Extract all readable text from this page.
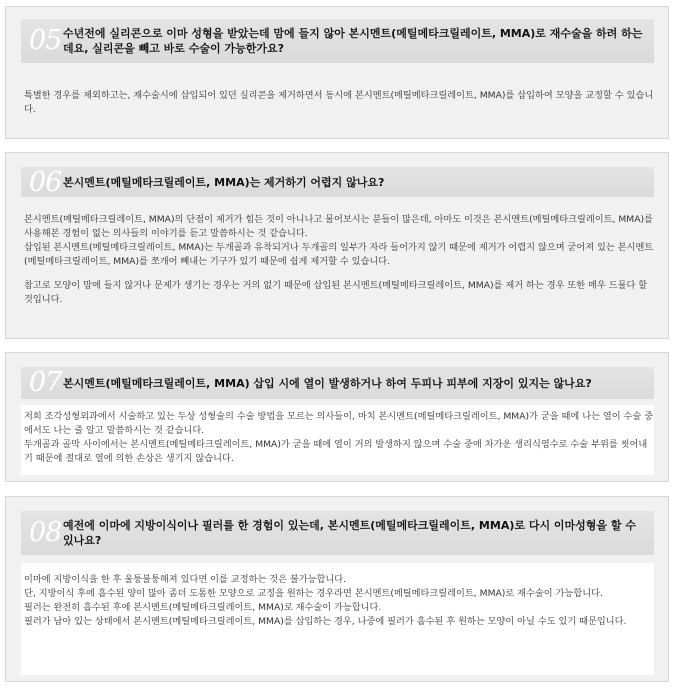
05 수년전에 실리콘으로 이마 성형을 받았는데 맘에 들지 않아 본시멘트(메틸메타크릴레이트, MMA)로 재수술을 하려 하는데요, 실리콘을 빼고 바로 수술이 가능한가요?

특별한 경우를 제외하고는, 재수술시에 삽입되어 있던 실리콘을 제거하면서 동시에 본시멘트(메틸메타크릴레이트, MMA)를 삽입하여 모양을 교정할 수 있습니다.

06 본시멘트(메틸메타크릴레이트, MMA)는 제거하기 어렵지 않나요?

본시멘트(메틸메타크릴레이트, MMA)의 단점이 제거가 힘든 것이 아니나고 물어보시는 분들이 많은데, 아마도 이것은 본시멘트(메틸메타크릴레이트, MMA)를 사용해본 경험이 없는 의사들의 이야기를 듣고 말씀하시는 것 같습니다.

삽입된 본시멘트(메틸메타크릴레이트, MMA)는 두개골과 유착되거나 두개골의 일부가 자라 들어가지 않기 때문에 제거가 어렵지 않으며 굳어져 있는 본시멘트(메틸메타크릴레이트, MMA)를 쪼개어 빼내는 기구가 있기 때문에 쉽게 제거할 수 있습니다.

참고로 모양이 맘에 들지 않거나 문제가 생기는 경우는 거의 없기 때문에 삽입된 본시멘트(메틸메타크릴레이트, MMA)를 제거 하는 경우 또한 매우 드물다 할 것입니다.

07 본시멘트(메틸메타크릴레이트, MMA) 삽입 시에 열이 발생하거나 하여 두피나 피부에 지장이 있지는 않나요?

저희 조각성형외과에서 시술하고 있는 두상 성형술의 수술 방법을 모르는 의사들이, 마치 본시멘트(메틸메타크릴레이트, MMA)가 굳을 때에 나는 열이 수술 중에서도 나는 줄 알고 말씀하시는 것 같습니다.

두개골과 골막 사이에서는 본시멘트(메틸메타크릴레이트, MMA)가 굳을 때에 열이 거의 발생하지 않으며 수술 중에 차가운 생리식염수로 수술 부위를 씻어내기 때문에 절대로 열에 의한 손상은 생기지 않습니다.

08 예전에 이마에 지방이식이나 필러를 한 경험이 있는데, 본시멘트(메틸메타크릴레이트, MMA)로 다시 이마성형을 할 수 있나요?

이마에 지방이식을 한 후 울퉁불퉁해져 있다면 이를 교정하는 것은 불가능합니다.

단, 지방이식 후에 흡수된 양이 많아 좀더 도톰한 모양으로 교정을 원하는 경우라면 본시멘트(메틸메타크릴레이트, MMA)로 재수술이 가능합니다.

필러는 완전히 흡수된 후에 본시멘트(메틸메타크릴레이트, MMA)로 재수술이 가능합니다.

필러가 남아 있는 상태에서 본시멘트(메틸메타크릴레이트, MMA)를 삽입하는 경우, 나중에 필러가 흡수된 후 원하는 모양이 아닐 수도 있기 때문입니다.
